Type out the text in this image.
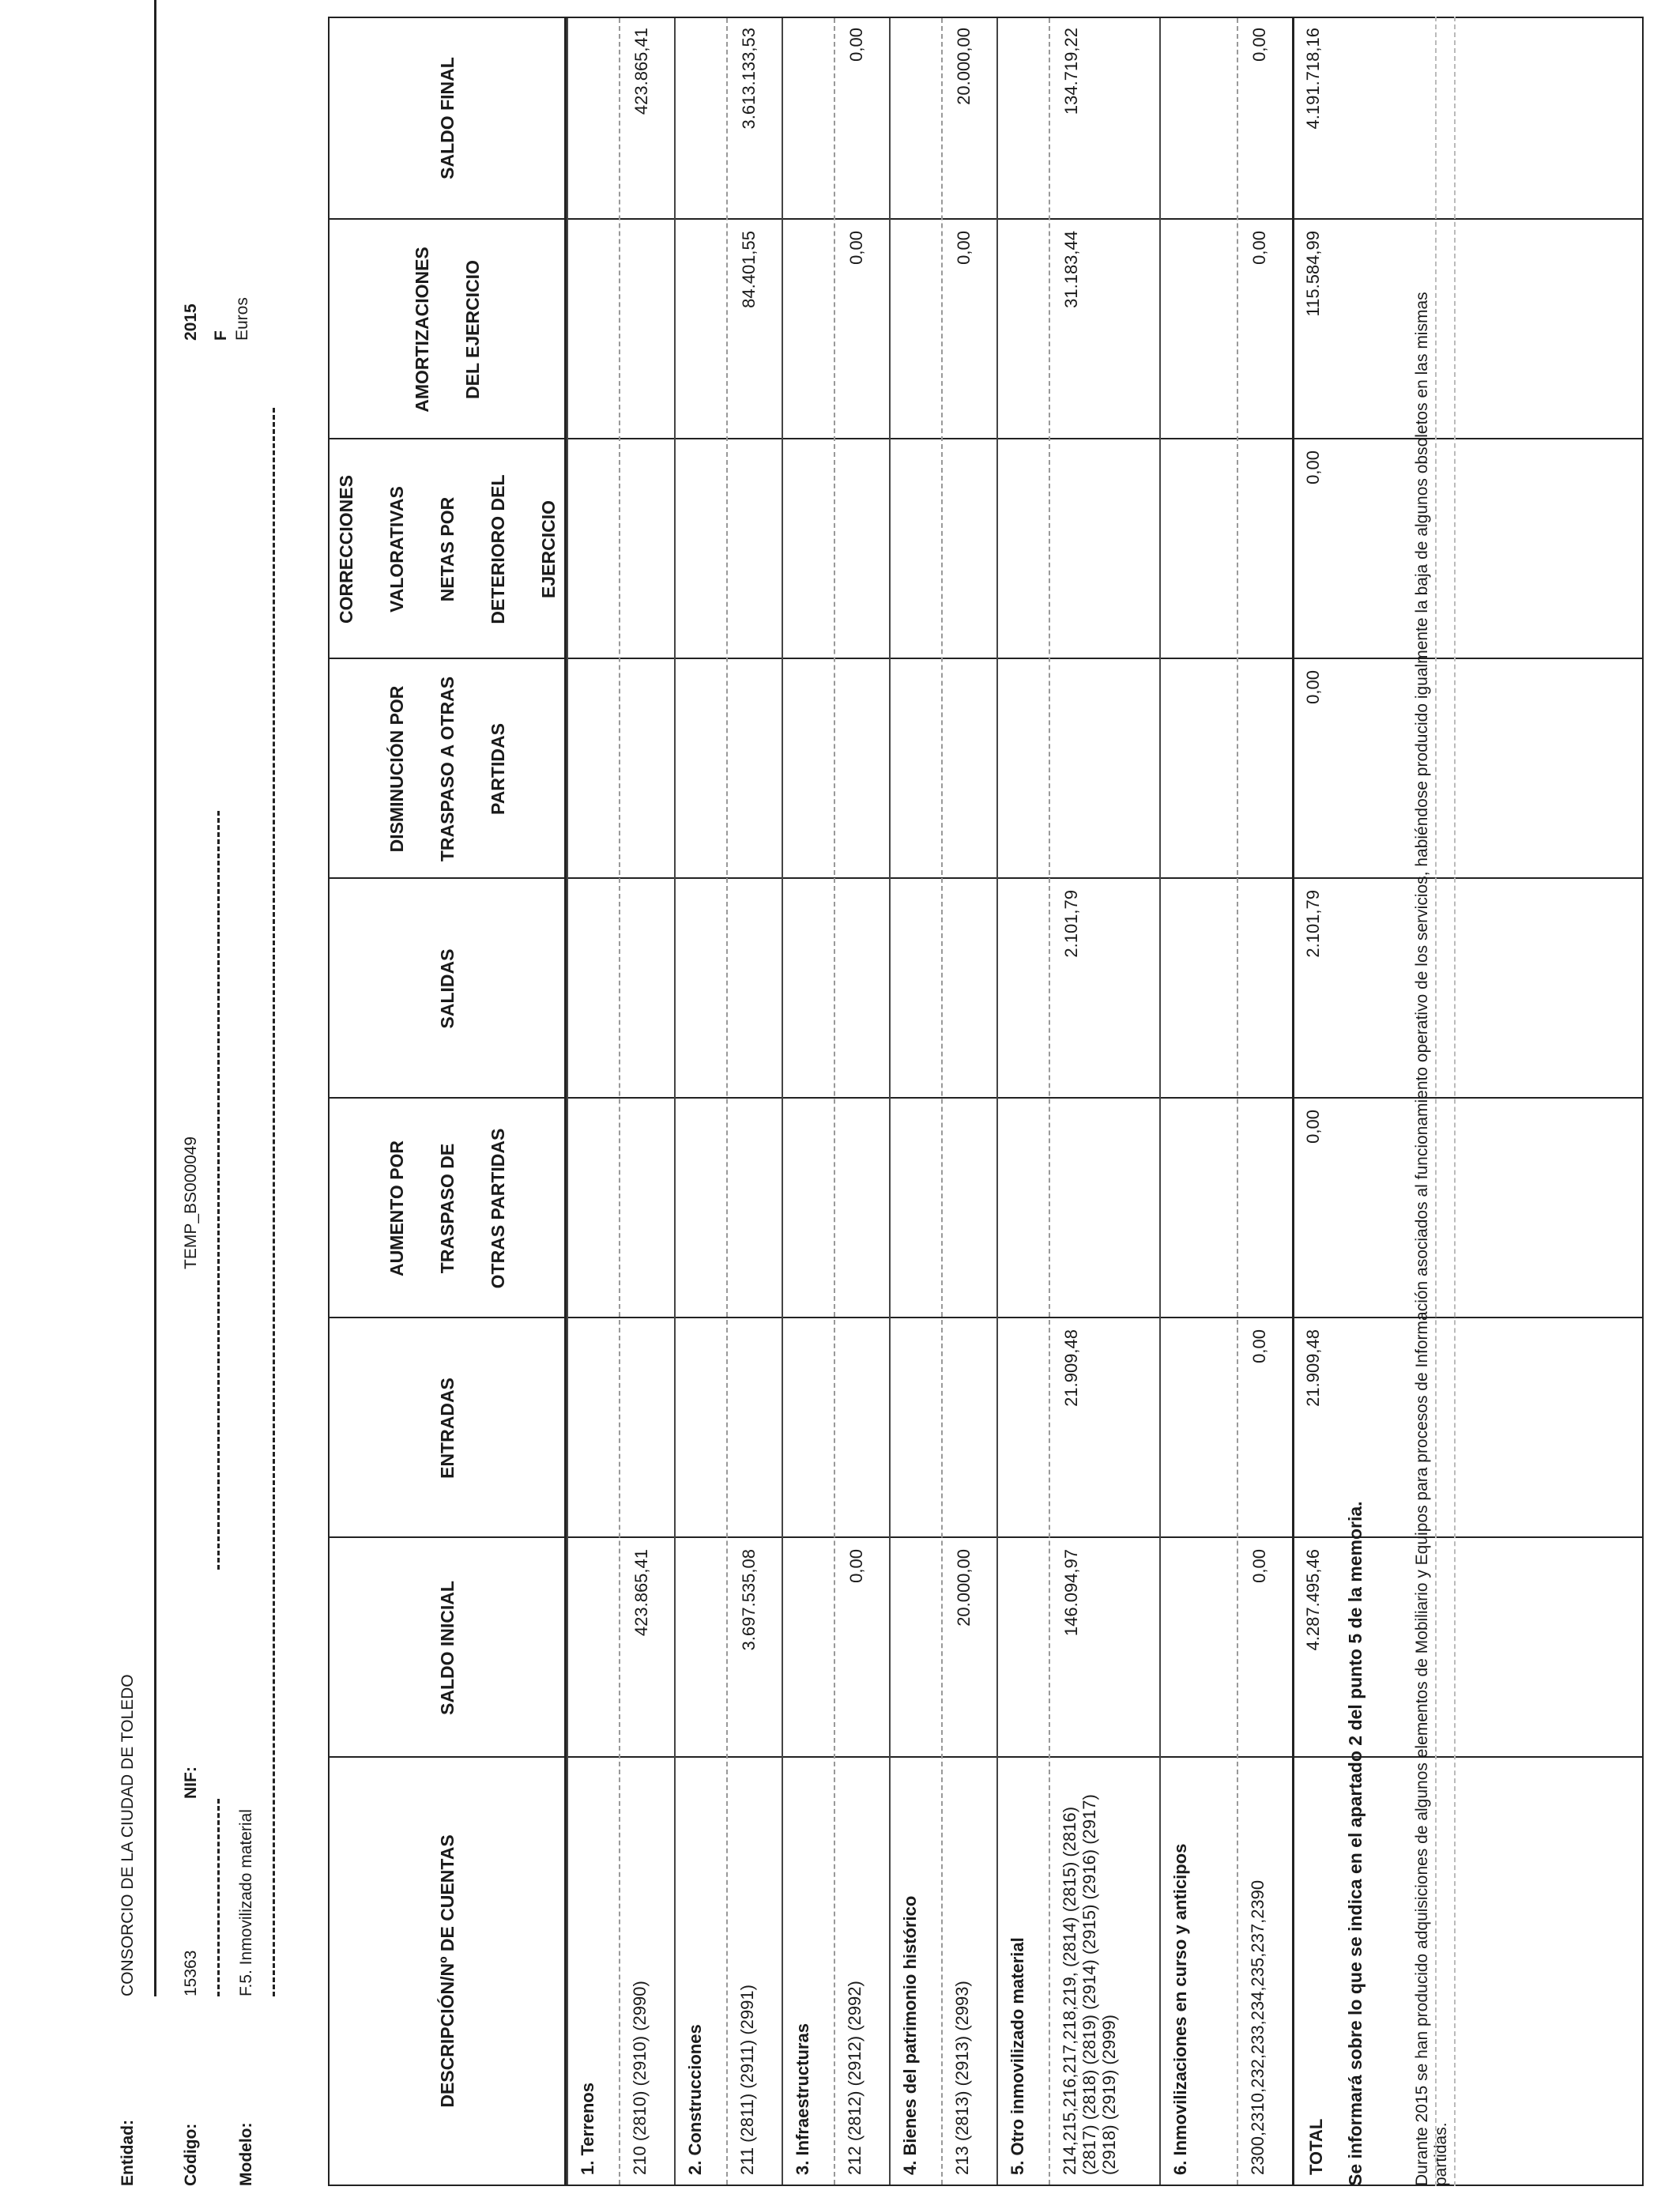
Entidad:
CONSORCIO DE LA CIUDAD DE TOLEDO
Código:
15363
NIF:
TEMP_BS000049
Modelo:
F.5. Inmovilizado material
2015 F Euros
DESCRIPCIÓN/Nº DE CUENTAS
SALDO INICIAL
ENTRADAS
AUMENTO POR TRASPASO DE OTRAS PARTIDAS
SALIDAS
DISMINUCIÓN POR TRASPASO A OTRAS PARTIDAS
CORRECCIONES VALORATIVAS NETAS POR DETERIORO DEL EJERCICIO
AMORTIZACIONES DEL EJERCICIO
SALDO FINAL
1. Terrenos 210 (2810) (2910) (2990)
423.865,41
423.865,41
2. Construcciones 211 (2811) (2911) (2991)
3.697.535,08
84.401,55
3.613.133,53
3. Infraestructuras 212 (2812) (2912) (2992)
0,00
0,00
0,00
4. Bienes del patrimonio histórico 213 (2813) (2913) (2993)
20.000,00
0,00
20.000,00
5. Otro inmovilizado material 214,215,216,217,218,219, (2814) (2815) (2816) (2817) (2818) (2819) (2914) (2915) (2916) (2917) (2918) (2919) (2999)
146.094,97
21.909,48
2.101,79
31.183,44
134.719,22
6. Inmovilizaciones en curso y anticipos	2300,2310,232,233,234,235,237,2390
0,00
0,00
0,00
0,00
TOTAL
4.287.495,46
21.909,48
0,00
2.101,79
0,00
0,00
115.584,99
4.191.718,16
Se informará sobre lo que se indica en el apartado 2 del punto 5 de la memoria.	Durante 2015 se han producido adquisiciones de algunos elementos de Mobiliario y Equipos para procesos de Información asociados al funcionamiento operativo de los servicios, habiéndose producido igualmente la baja de algunos obsoletos en las mismas partidas.
